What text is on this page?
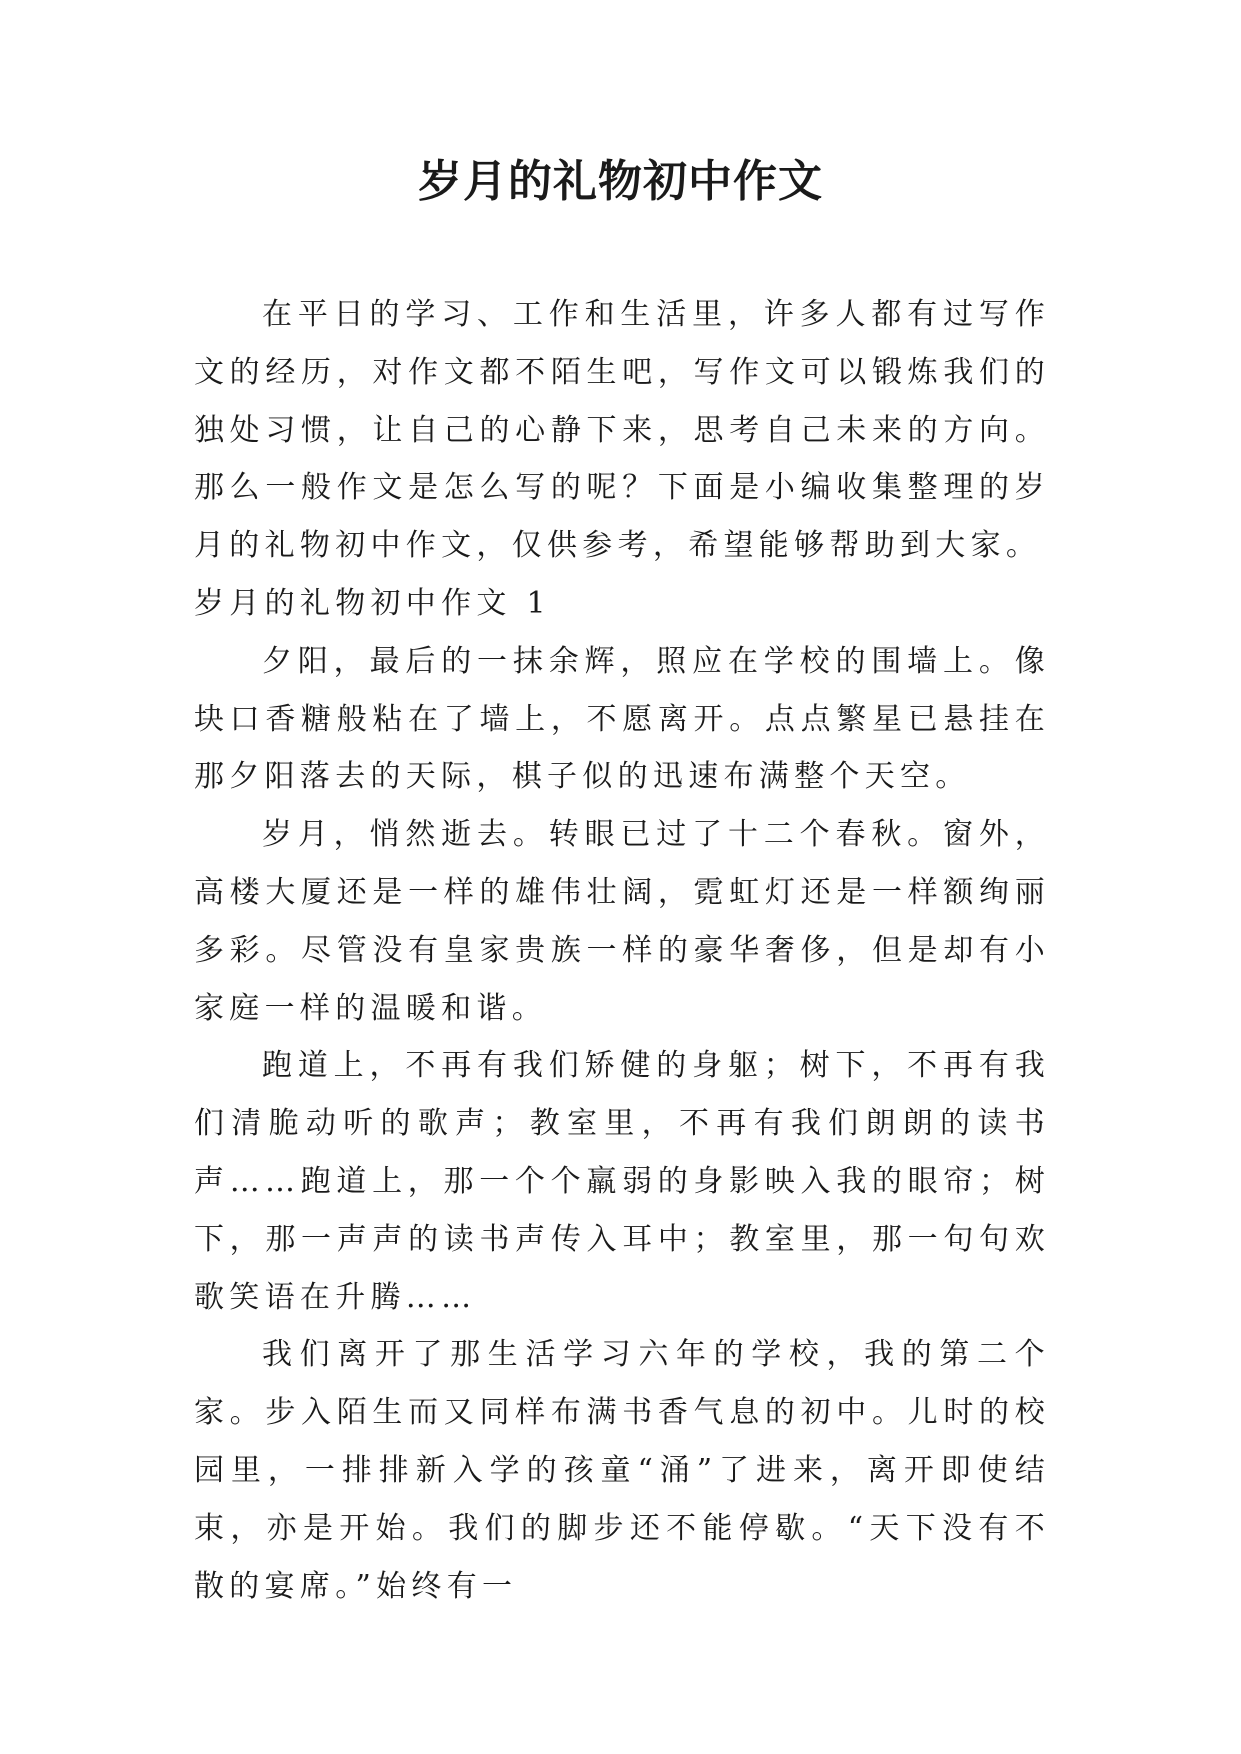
岁月的礼物初中作文

在平日的学习、工作和生活里，许多人都有过写作文的经历，对作文都不陌生吧，写作文可以锻炼我们的独处习惯，让自己的心静下来，思考自己未来的方向。那么一般作文是怎么写的呢？下面是小编收集整理的岁月的礼物初中作文，仅供参考，希望能够帮助到大家。

岁月的礼物初中作文 1

夕阳，最后的一抹余辉，照应在学校的围墙上。像块口香糖般粘在了墙上，不愿离开。点点繁星已悬挂在那夕阳落去的天际，棋子似的迅速布满整个天空。

岁月，悄然逝去。转眼已过了十二个春秋。窗外，高楼大厦还是一样的雄伟壮阔，霓虹灯还是一样额绚丽多彩。尽管没有皇家贵族一样的豪华奢侈，但是却有小家庭一样的温暖和谐。

跑道上，不再有我们矫健的身躯；树下，不再有我们清脆动听的歌声；教室里，不再有我们朗朗的读书声……跑道上，那一个个羸弱的身影映入我的眼帘；树下，那一声声的读书声传入耳中；教室里，那一句句欢歌笑语在升腾……

我们离开了那生活学习六年的学校，我的第二个家。步入陌生而又同样布满书香气息的初中。儿时的校园里，一排排新入学的孩童“涌”了进来，离开即使结束，亦是开始。我们的脚步还不能停歇。“天下没有不散的宴席。”始终有一
